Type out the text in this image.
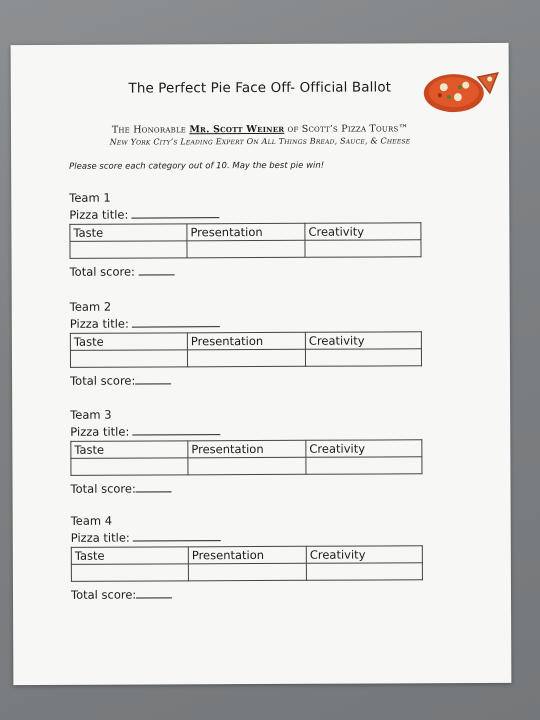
The Perfect Pie Face Off- Official Ballot
The Honorable Mr. Scott Weiner of Scott’s Pizza Tours™
New York City’s Leading Expert On All Things Bread, Sauce, & Cheese
Please score each category out of 10. May the best pie win!
Team 1
Pizza title:
Taste	Presentation	Creativity

Total score:
Team 2
Pizza title:
Taste	Presentation	Creativity

Total score:
Team 3
Pizza title:
Taste	Presentation	Creativity

Total score:
Team 4
Pizza title:
Taste	Presentation	Creativity

Total score:
